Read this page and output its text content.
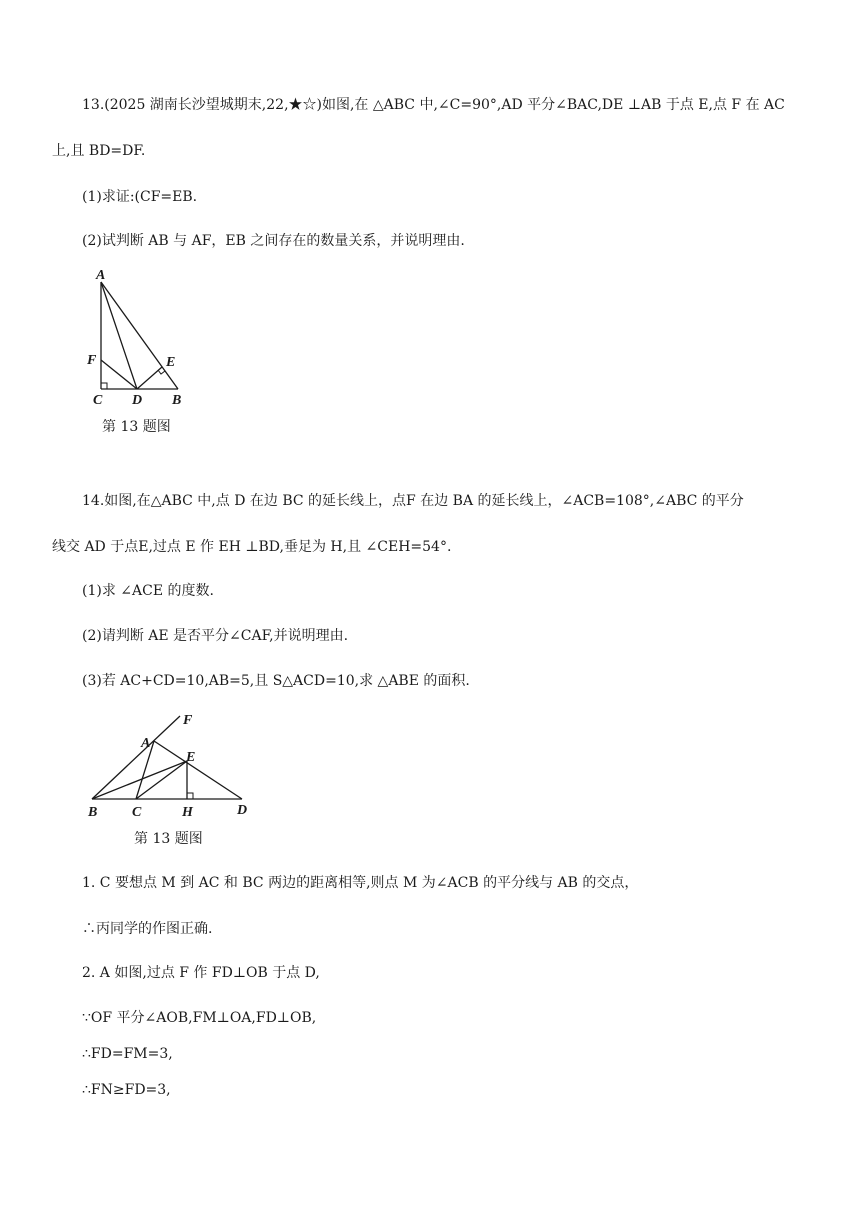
13.(2025 湖南长沙望城期末,22,★☆)如图,在 △ABC 中,∠C=90°,AD 平分∠BAC,DE ⊥AB 于点 E,点 F 在 AC
上,且 BD=DF.
(1)求证:(CF=EB.
(2)试判断 AB 与 AF，EB 之间存在的数量关系，并说明理由.
A
F	E
C D B
第 13 题图
14.如图,在△ABC 中,点 D 在边 BC 的延长线上，点F 在边 BA 的延长线上，∠ACB=108°,∠ABC 的平分
线交 AD 于点E,过点 E 作 EH ⊥BD,垂足为 H,且 ∠CEH=54°.
(1)求 ∠ACE 的度数.
(2)请判断 AE 是否平分∠CAF,并说明理由.
(3)若 AC+CD=10,AB=5,且 S△ACD=10,求 △ABE 的面积.
F
A
E
B C	H	D
第 13 题图
1. C 要想点 M 到 AC 和 BC 两边的距离相等,则点 M 为∠ACB 的平分线与 AB 的交点，
∴丙同学的作图正确.
2. A 如图,过点 F 作 FD⊥OB 于点 D,
∵OF 平分∠AOB,FM⊥OA,FD⊥OB,
∴FD=FM=3,
∴FN≥FD=3,
